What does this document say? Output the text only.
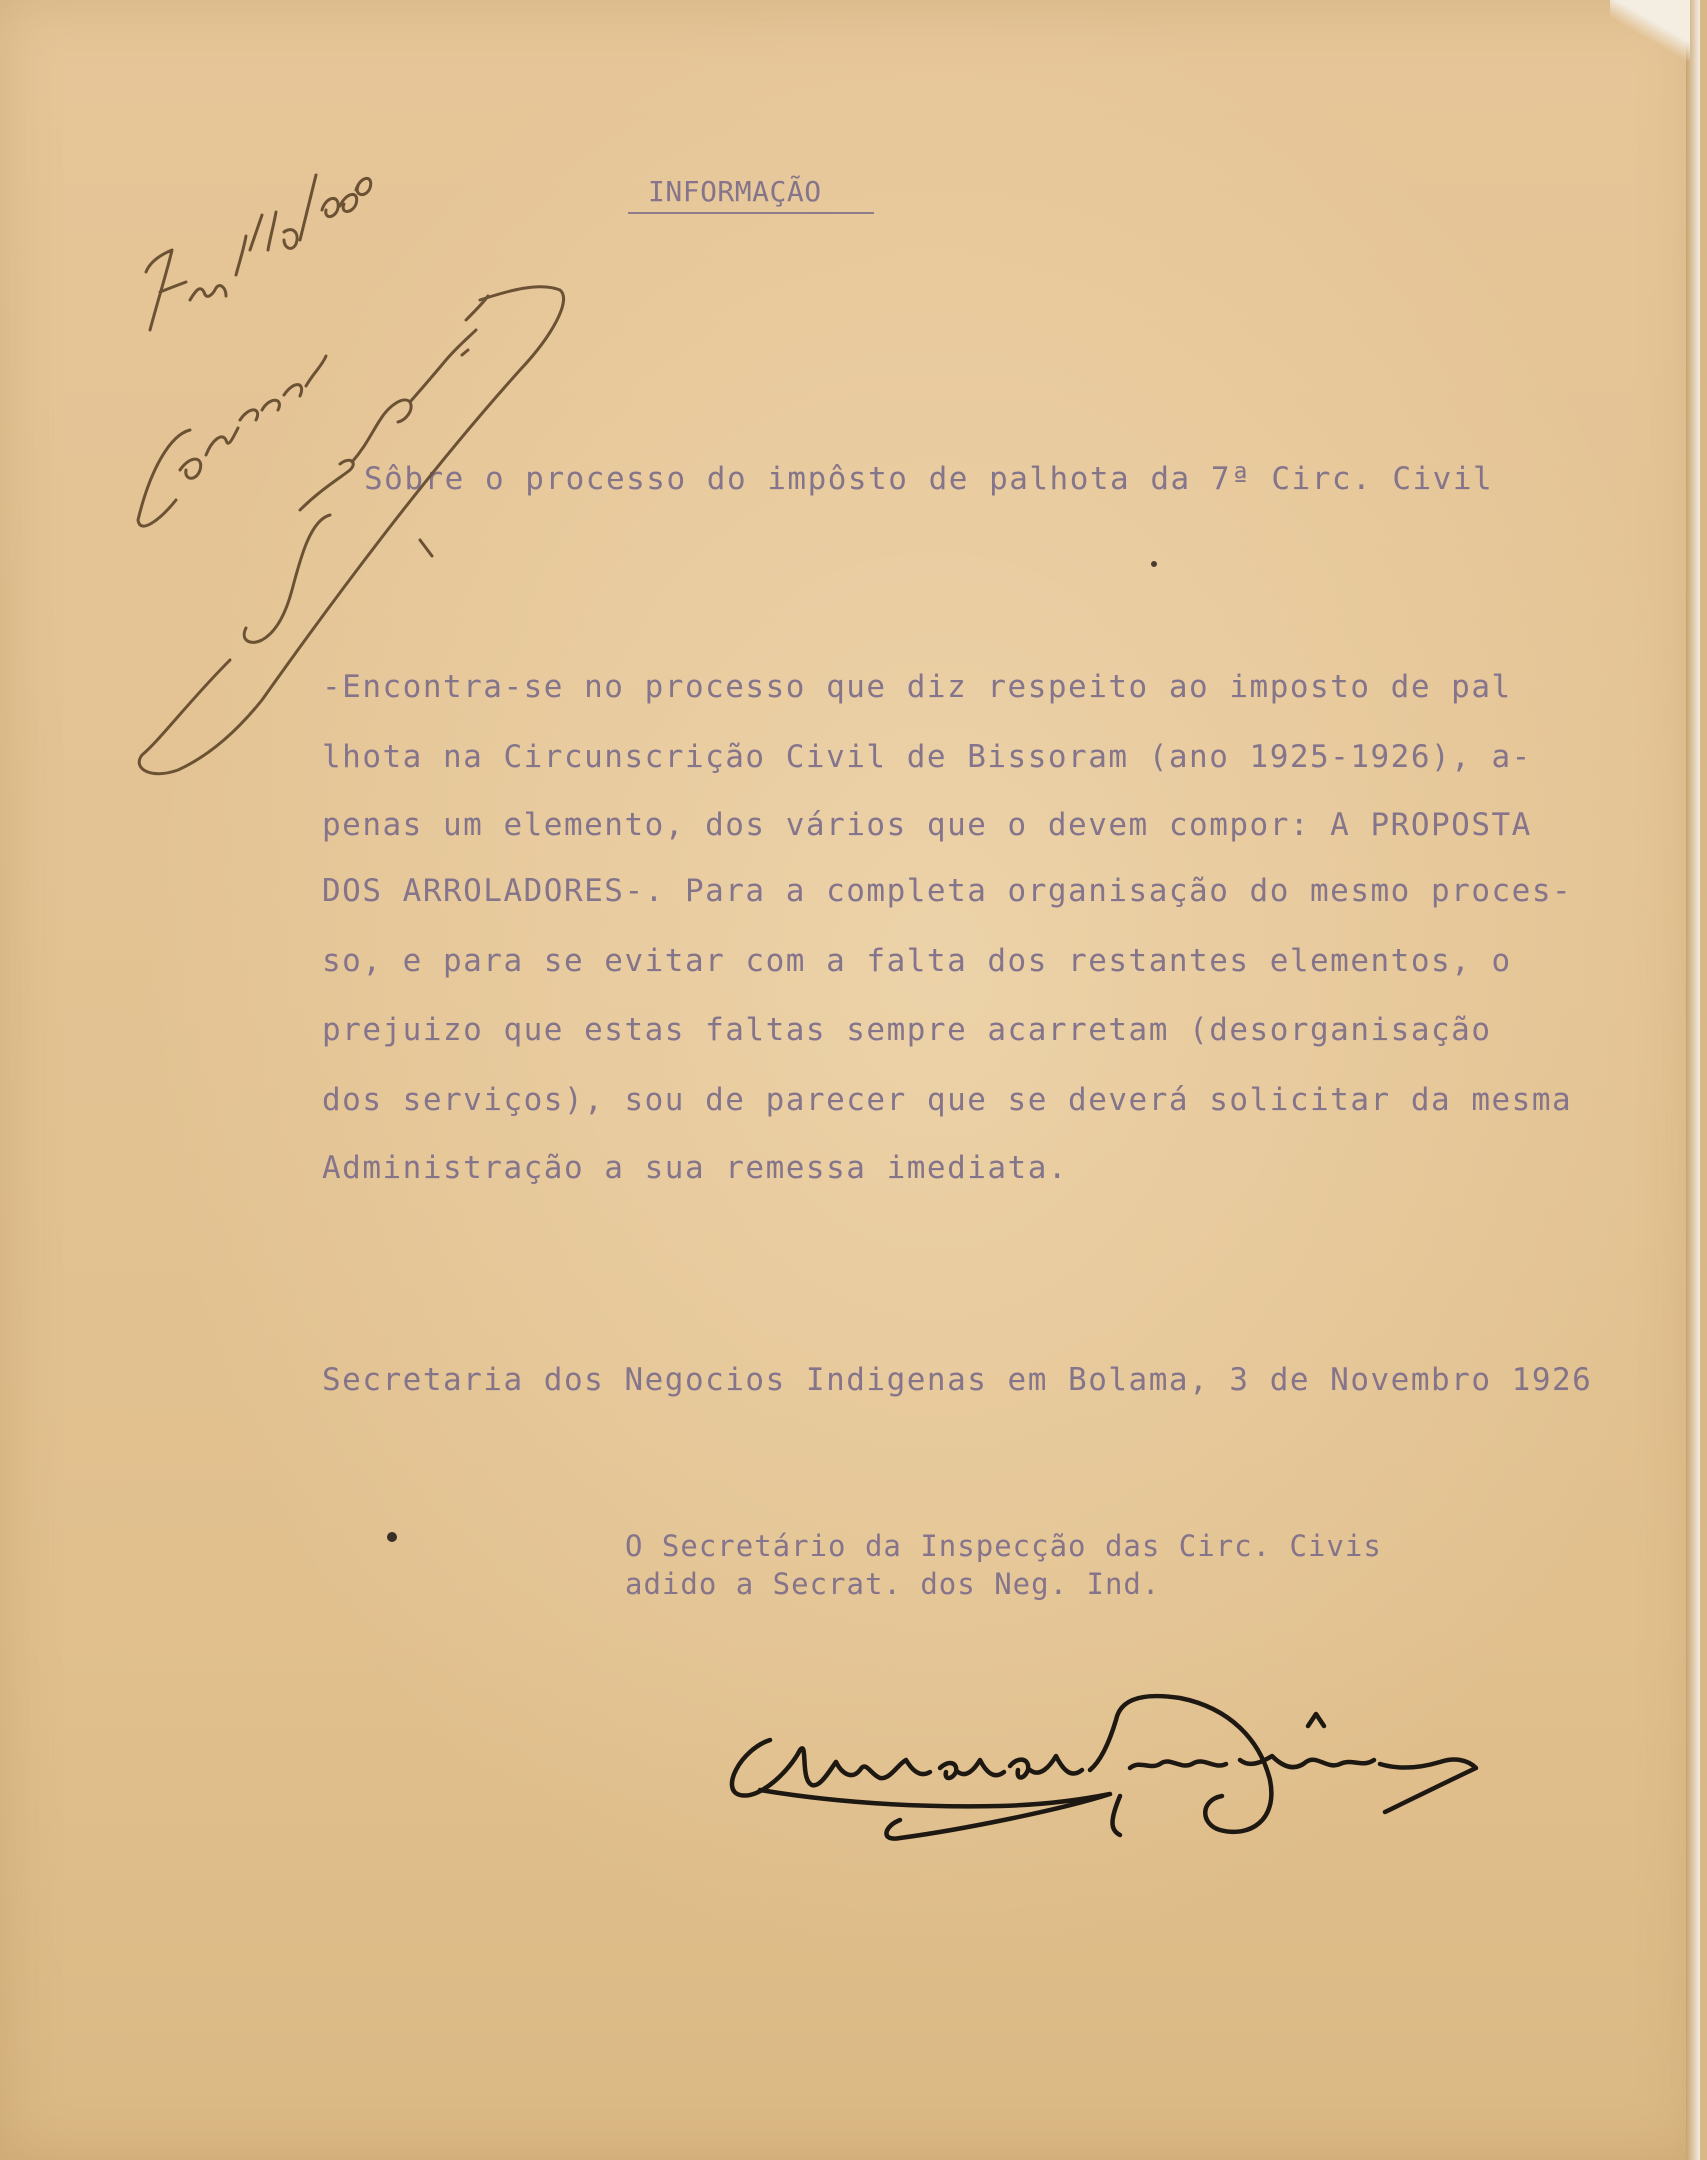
INFORMAÇÃO
Sôbre o processo do impôsto de palhota da 7ª Circ. Civil
-Encontra-se no processo que diz respeito ao imposto de pal
lhota na Circunscrição Civil de Bissoram (ano 1925-1926), a-
penas um elemento, dos vários que o devem compor: A PROPOSTA
DOS ARROLADORES-. Para a completa organisação do mesmo proces-
so, e para se evitar com a falta dos restantes elementos, o
prejuizo que estas faltas sempre acarretam (desorganisação
dos serviços), sou de parecer que se deverá solicitar da mesma
Administração a sua remessa imediata.
Secretaria dos Negocios Indigenas em Bolama, 3 de Novembro 1926
O Secretário da Inspecção das Circ. Civis
adido a Secrat. dos Neg. Ind.
